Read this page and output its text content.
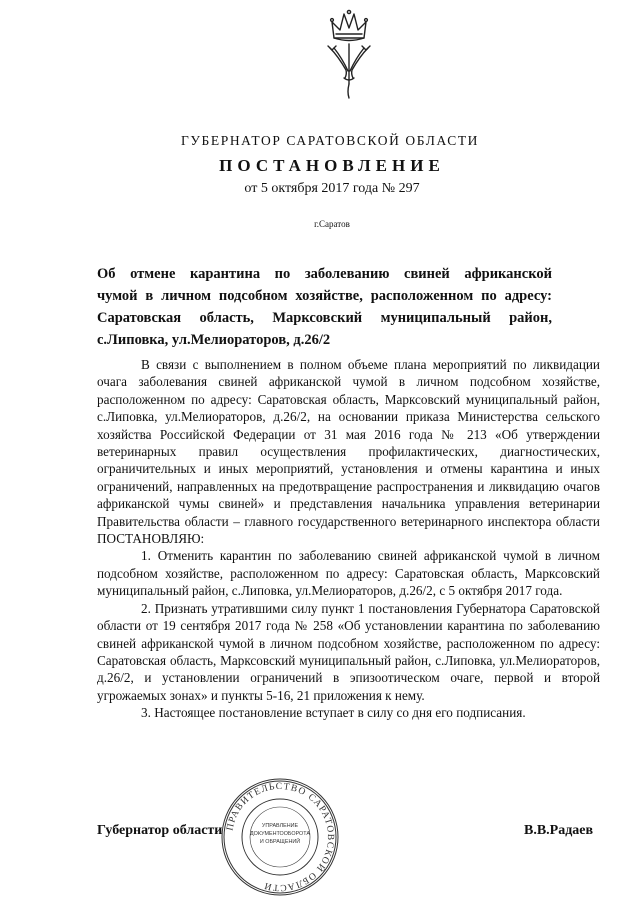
ГУБЕРНАТОР САРАТОВСКОЙ ОБЛАСТИ
ПОСТАНОВЛЕНИЕ
от 5 октября 2017 года № 297
г.Саратов
Об отмене карантина по заболеванию свиней африканской
чумой в личном подсобном хозяйстве, расположенном по адресу:
Саратовская область, Марксовский муниципальный район,
с.Липовка, ул.Мелиораторов, д.26/2

В связи с выполнением в полном объеме плана мероприятий по ликвидации очага заболевания свиней африканской чумой в личном подсобном хозяйстве, расположенном по адресу: Саратовская область, Марксовский муниципальный район, с.Липовка, ул.Мелиораторов, д.26/2, на основании приказа Министерства сельского хозяйства Российской Федерации от 31 мая 2016 года № 213 «Об утверждении ветеринарных правил осуществления профилактических, диагностических, ограничительных и иных мероприятий, установления и отмены карантина и иных ограничений, направленных на предотвращение распространения и ликвидацию очагов африканской чумы свиней» и представления начальника управления ветеринарии Правительства области – главного государственного ветеринарного инспектора области ПОСТАНОВЛЯЮ:

1. Отменить карантин по заболеванию свиней африканской чумой в личном подсобном хозяйстве, расположенном по адресу: Саратовская область, Марксовский муниципальный район, с.Липовка, ул.Мелиораторов, д.26/2, с 5 октября 2017 года.

2. Признать утратившими силу пункт 1 постановления Губернатора Саратовской области от 19 сентября 2017 года № 258 «Об установлении карантина по заболеванию свиней африканской чумой в личном подсобном хозяйстве, расположенном по адресу: Саратовская область, Марксовский муниципальный район, с.Липовка, ул.Мелиораторов, д.26/2, и установлении ограничений в эпизоотическом очаге, первой и второй угрожаемых зонах» и пункты 5-16, 21 приложения к нему.

3. Настоящее постановление вступает в силу со дня его подписания.

ПРАВИТЕЛЬСТВО САРАТОВСКОЙ ОБЛАСТИ
УПРАВЛЕНИЕ
ДОКУМЕНТООБОРОТА
И ОБРАЩЕНИЙ
Губернатор области	В.В.Радаев
